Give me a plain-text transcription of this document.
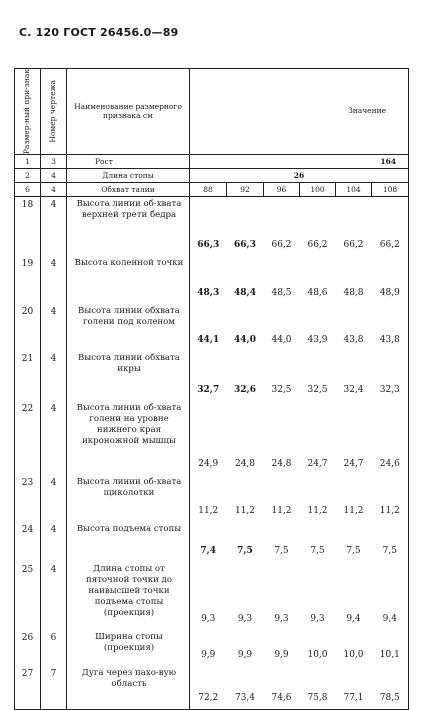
С. 120 ГОСТ 26456.0—89
Размер-ный при-знак	Номер чертежа	Наименование размерного признака см	Значение					
1	3	Рост	164					
2	4	Длина стопы	26					
6	4	Обхват талии	88	92	96	100	104	108
18	4	Высота линии об-хвата верхней трети бедра	66,3	66,3	66,2	66,2	66,2	66,2
19	4	Высота коленной точки	48,3	48,4	48,5	48,6	48,8	48,9
20	4	Высота линии обхвата голени под коленом	44,1	44,0	44,0	43,9	43,8	43,8
21	4	Высота линии обхвата икры	32,7	32,6	32,5	32,5	32,4	32,3
22	4	Высота линии об-хвата голени на уровне нижнего края икроножной мышцы	24,9	24,8	24,8	24,7	24,7	24,6
23	4	Высота линии об-хвата щиколотки	11,2	11,2	11,2	11,2	11,2	11,2
24	4	Высота подъема стопы	7,4	7,5	7,5	7,5	7,5	7,5
25	4	Длина стопы от пяточной точки до наивысшей точки подъема стопы (проекция)	9,3	9,3	9,3	9,3	9,4	9,4
26	6	Ширина стопы (проекция)	9,9	9,9	9,9	10,0	10,0	10,1
27	7	Дуга через пахо-вую область	72,2	73,4	74,6	75,8	77,1	78,5
